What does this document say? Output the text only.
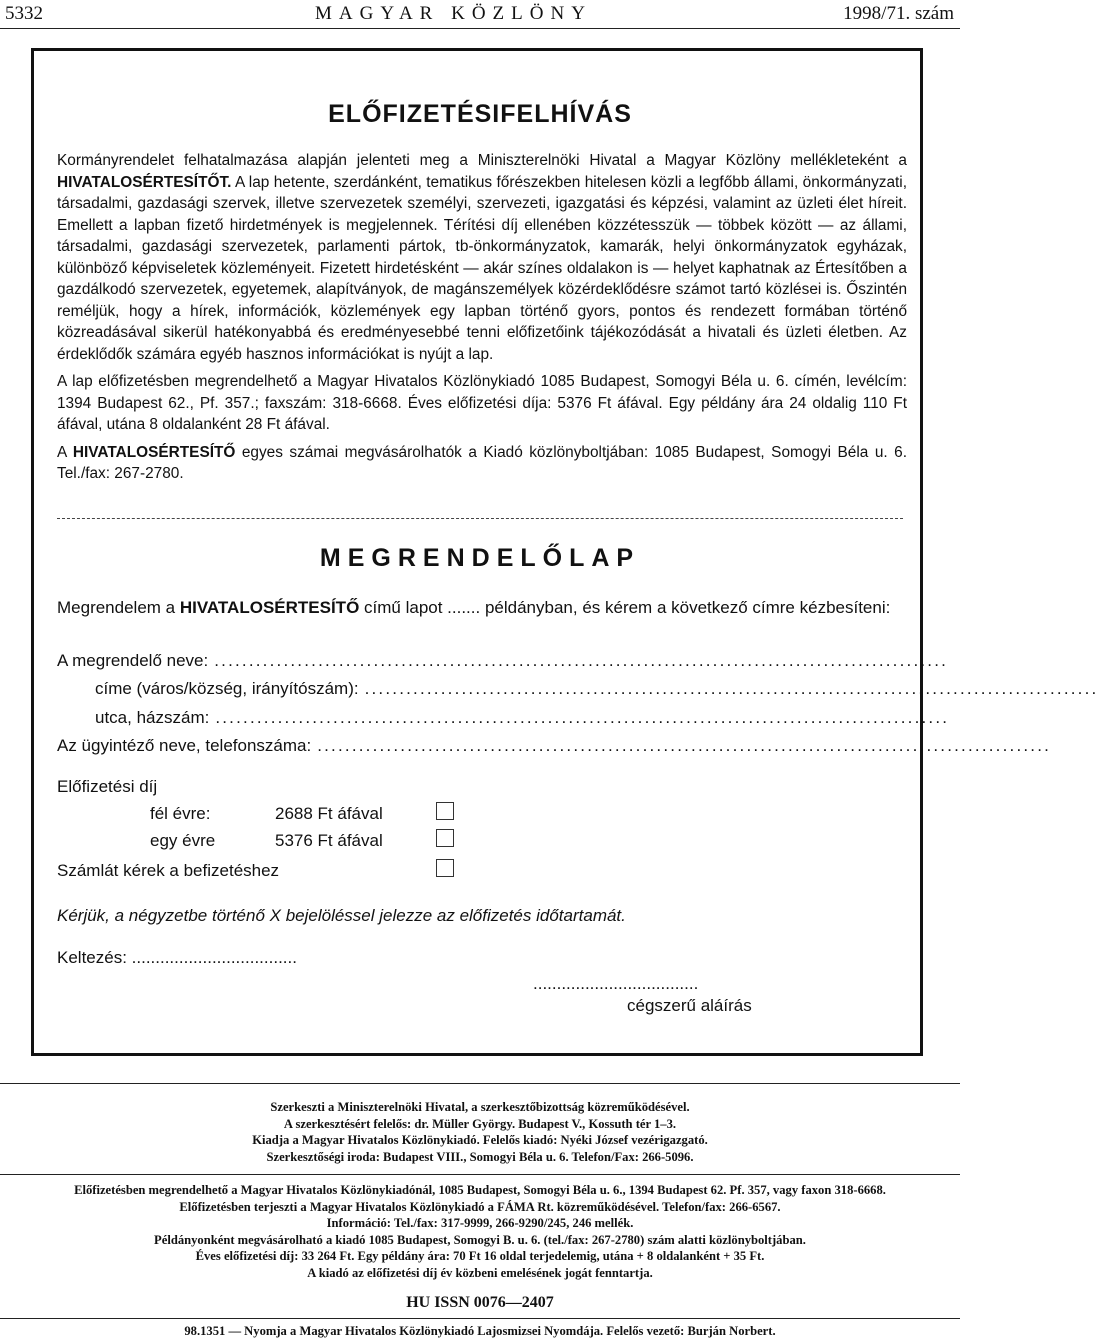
5332	MAGYAR KÖZLÖNY	1998/71. szám
ELŐFIZETÉSIFELHÍVÁS

Kormányrendelet felhatalmazása alapján jelenteti meg a Miniszterelnöki Hivatal a Magyar Közlöny mellékleteként a HIVATALOSÉRTESÍTŐT. A lap hetente, szerdánként, tematikus főrészekben hitelesen közli a legfőbb állami, önkormányzati, társadalmi, gazdasági szervek, illetve szervezetek személyi, szervezeti, igazgatási és képzési, valamint az üzleti élet híreit. Emellett a lapban fizető hirdetmények is megjelennek. Térítési díj ellenében közzétesszük — többek között — az állami, társadalmi, gazdasági szervezetek, parlamenti pártok, tb-önkormányzatok, kamarák, helyi önkormányzatok egyházak, különböző képviseletek közleményeit. Fizetett hirdetésként — akár színes oldalakon is — helyet kaphatnak az Értesítőben a gazdálkodó szervezetek, egyetemek, alapítványok, de magánszemélyek közérdeklődésre számot tartó közlései is. Őszintén reméljük, hogy a hírek, információk, közlemények egy lapban történő gyors, pontos és rendezett formában történő közreadásával sikerül hatékonyabbá és eredményesebbé tenni előfizetőink tájékozódását a hivatali és üzleti életben. Az érdeklődők számára egyéb hasznos információkat is nyújt a lap.

A lap előfizetésben megrendelhető a Magyar Hivatalos Közlönykiadó 1085 Budapest, Somogyi Béla u. 6. címén, levélcím: 1394 Budapest 62., Pf. 357.; faxszám: 318-6668. Éves előfizetési díja: 5376 Ft áfával. Egy példány ára 24 oldalig 110 Ft áfával, utána 8 oldalanként 28 Ft áfával.

A HIVATALOSÉRTESÍTŐ egyes számai megvásárolhatók a Kiadó közlönyboltjában: 1085 Budapest, Somogyi Béla u. 6. Tel./fax: 267-2780.

MEGRENDELŐLAP
Megrendelem a HIVATALOSÉRTESÍTŐ című lapot ....... példányban, és kérem a következő címre kézbesíteni:
A megrendelő neve: ..........................................................................................................
címe (város/község, irányítószám): ..........................................................................................................
utca, házszám: ..........................................................................................................
Az ügyintéző neve, telefonszáma: ..........................................................................................................
Előfizetési díj
fél évre:	2688 Ft áfával
egy évre	5376 Ft áfával
Számlát kérek a befizetéshez
Kérjük, a négyzetbe történő X bejelöléssel jelezze az előfizetés időtartamát.
Keltezés: ...................................
...................................
cégszerű aláírás
Szerkeszti a Miniszterelnöki Hivatal, a szerkesztőbizottság közreműködésével.
A szerkesztésért felelős: dr. Müller György. Budapest V., Kossuth tér 1–3.
Kiadja a Magyar Hivatalos Közlönykiadó. Felelős kiadó: Nyéki József vezérigazgató.
Szerkesztőségi iroda: Budapest VIII., Somogyi Béla u. 6. Telefon/Fax: 266-5096.
Előfizetésben megrendelhető a Magyar Hivatalos Közlönykiadónál, 1085 Budapest, Somogyi Béla u. 6., 1394 Budapest 62. Pf. 357, vagy faxon 318-6668.
Előfizetésben terjeszti a Magyar Hivatalos Közlönykiadó a FÁMA Rt. közreműködésével. Telefon/fax: 266-6567.
Információ: Tel./fax: 317-9999, 266-9290/245, 246 mellék.
Példányonként megvásárolható a kiadó 1085 Budapest, Somogyi B. u. 6. (tel./fax: 267-2780) szám alatti közlönyboltjában.
Éves előfizetési díj: 33 264 Ft. Egy példány ára: 70 Ft 16 oldal terjedelemig, utána + 8 oldalanként + 35 Ft.
A kiadó az előfizetési díj év közbeni emelésének jogát fenntartja.
HU ISSN 0076—2407
98.1351 — Nyomja a Magyar Hivatalos Közlönykiadó Lajosmizsei Nyomdája. Felelős vezető: Burján Norbert.
